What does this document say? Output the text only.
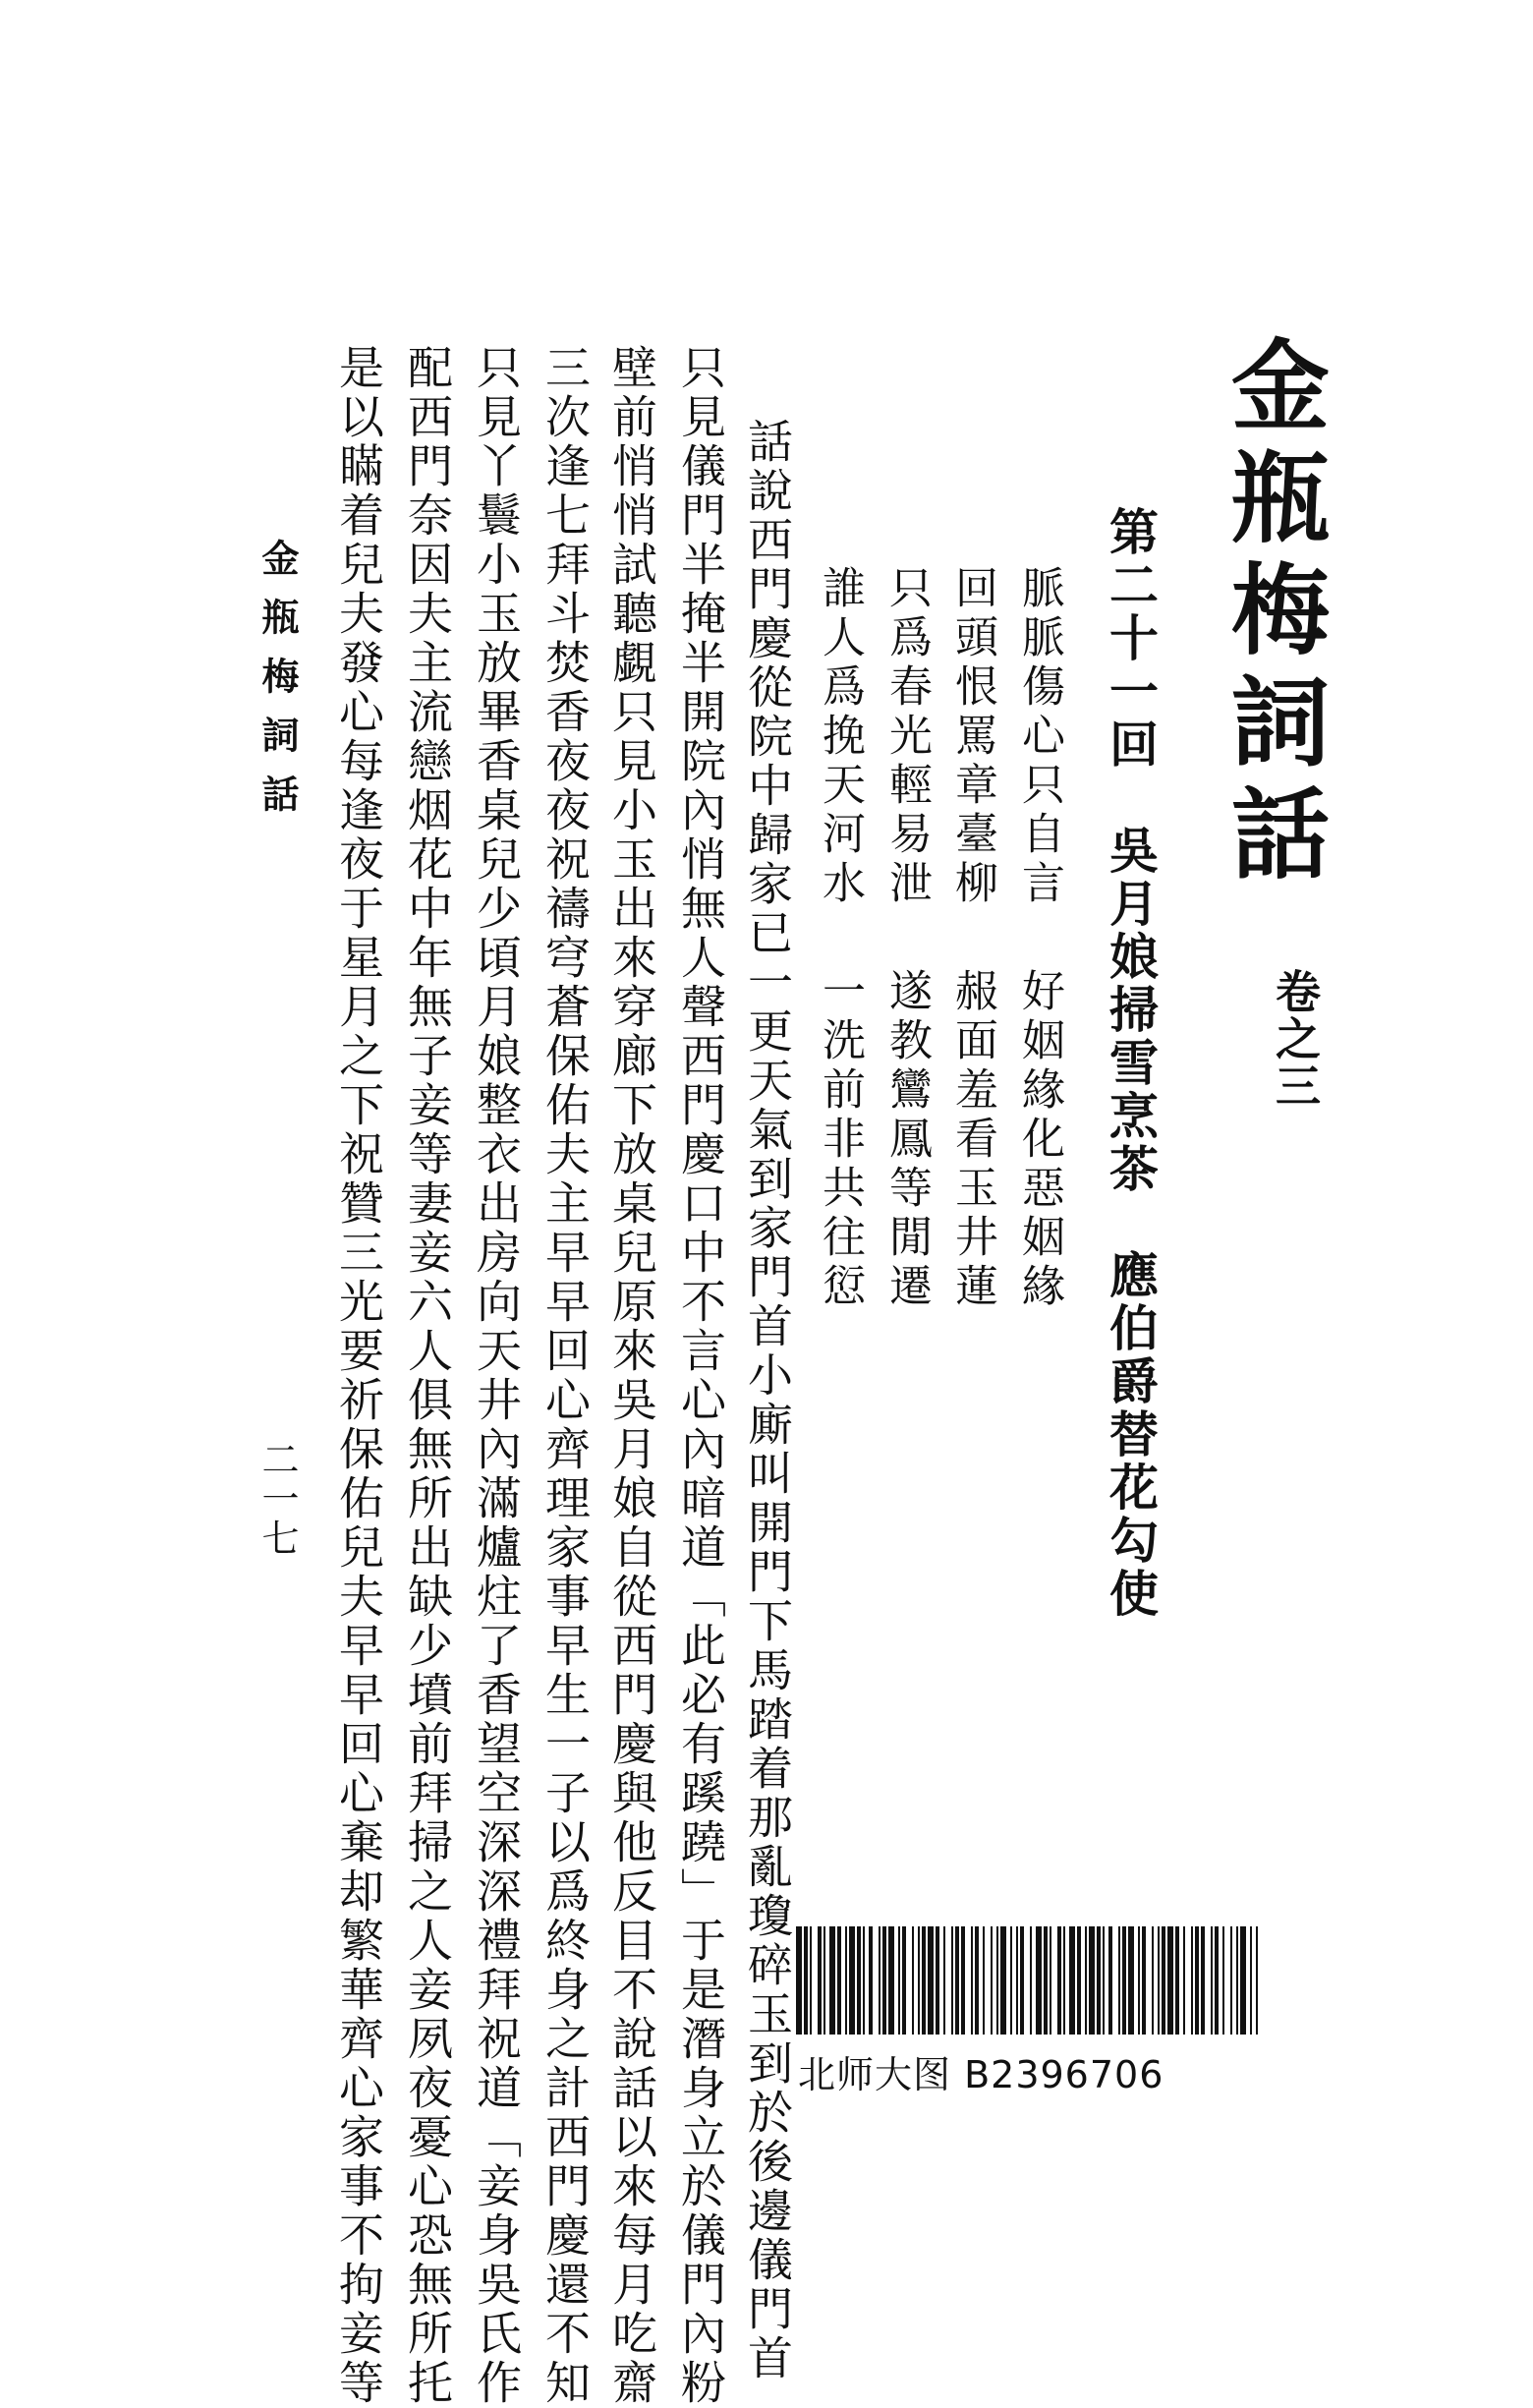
金瓶梅詞話
卷之三
第二十一回　吳月娘掃雪烹茶　應伯爵替花勾使
脈脈傷心只自言好姻緣化惡姻緣
回頭恨罵章臺柳赧面羞看玉井蓮
只爲春光輕易泄遂教鸞鳳等閒遷
誰人爲挽天河水一洗前非共往愆
話說西門慶從院中歸家已一更天氣到家門首小廝叫開門下馬踏着那亂瓊碎玉到於後邊儀門首
只見儀門半掩半開院內悄無人聲西門慶口中不言心內暗道「此必有蹊蹺」于是潛身立於儀門內粉
壁前悄悄試聽覷只見小玉出來穿廊下放桌兒原來吳月娘自從西門慶與他反目不說話以來每月吃齋
三次逢七拜斗焚香夜夜祝禱穹蒼保佑夫主早早回心齊理家事早生一子以爲終身之計西門慶還不知
只見丫鬟小玉放畢香桌兒少頃月娘整衣出房向天井內滿爐炷了香望空深深禮拜祝道「妾身吳氏作
配西門奈因夫主流戀烟花中年無子妾等妻妾六人俱無所出缺少墳前拜掃之人妾夙夜憂心恐無所托
是以瞞着兒夫發心每逢夜于星月之下祝贊三光要祈保佑兒夫早早回心棄却繁華齊心家事不拘妾等
金瓶梅詞話
二一七
北师大图 B2396706
